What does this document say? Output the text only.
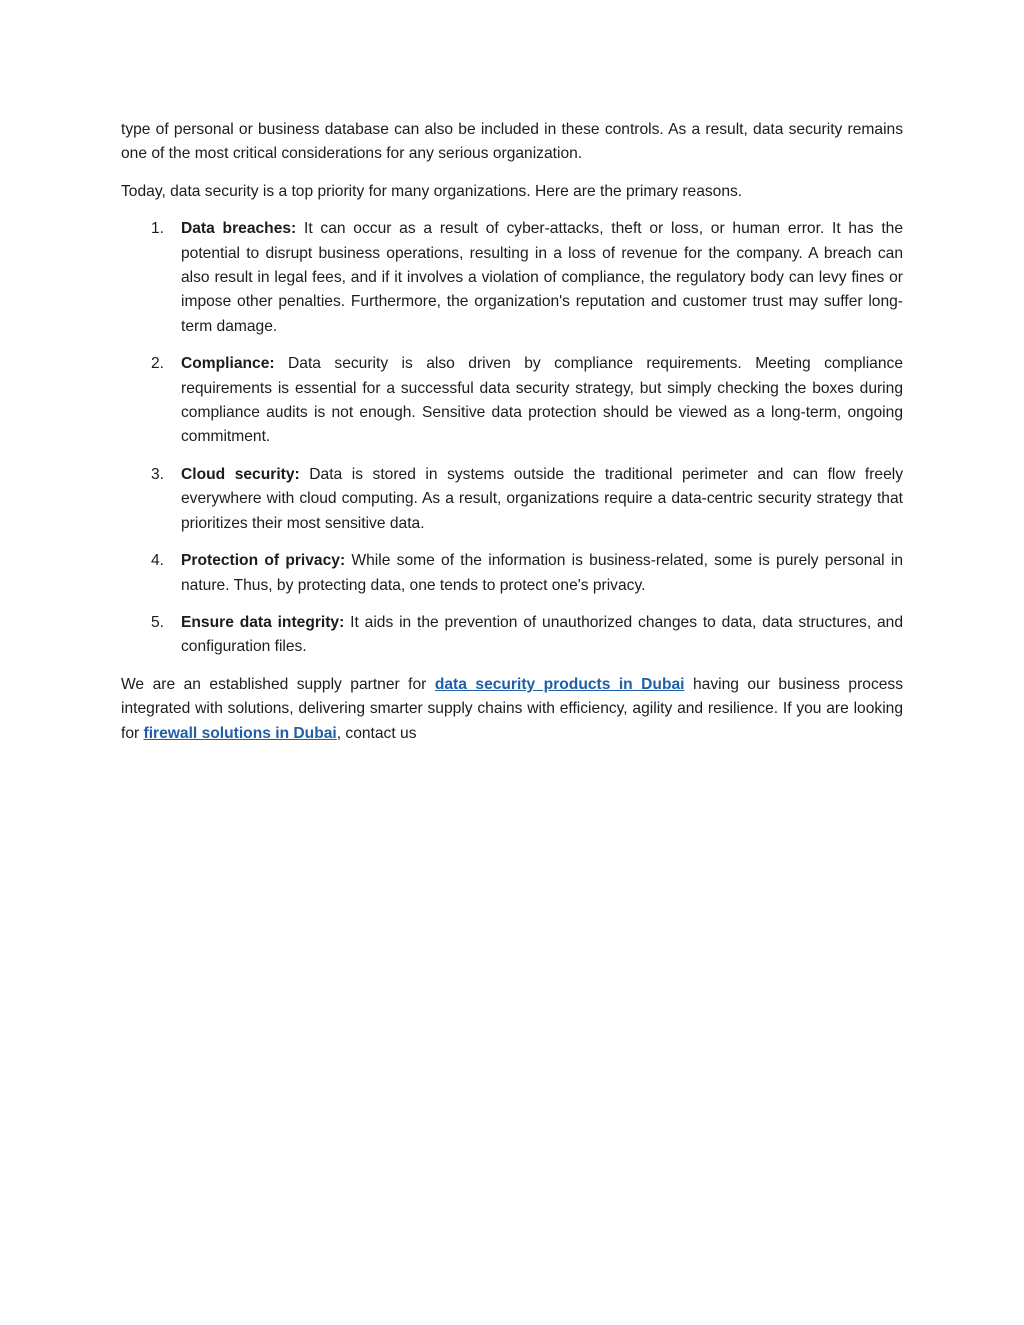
type of personal or business database can also be included in these controls. As a result, data security remains one of the most critical considerations for any serious organization.

Today, data security is a top priority for many organizations. Here are the primary reasons.

1. Data breaches: It can occur as a result of cyber-attacks, theft or loss, or human error. It has the potential to disrupt business operations, resulting in a loss of revenue for the company. A breach can also result in legal fees, and if it involves a violation of compliance, the regulatory body can levy fines or impose other penalties. Furthermore, the organization's reputation and customer trust may suffer long-term damage.
2. Compliance: Data security is also driven by compliance requirements. Meeting compliance requirements is essential for a successful data security strategy, but simply checking the boxes during compliance audits is not enough. Sensitive data protection should be viewed as a long-term, ongoing commitment.
3. Cloud security: Data is stored in systems outside the traditional perimeter and can flow freely everywhere with cloud computing. As a result, organizations require a data-centric security strategy that prioritizes their most sensitive data.
4. Protection of privacy: While some of the information is business-related, some is purely personal in nature. Thus, by protecting data, one tends to protect one's privacy.
5. Ensure data integrity: It aids in the prevention of unauthorized changes to data, data structures, and configuration files.

We are an established supply partner for data security products in Dubai having our business process integrated with solutions, delivering smarter supply chains with efficiency, agility and resilience. If you are looking for firewall solutions in Dubai, contact us
